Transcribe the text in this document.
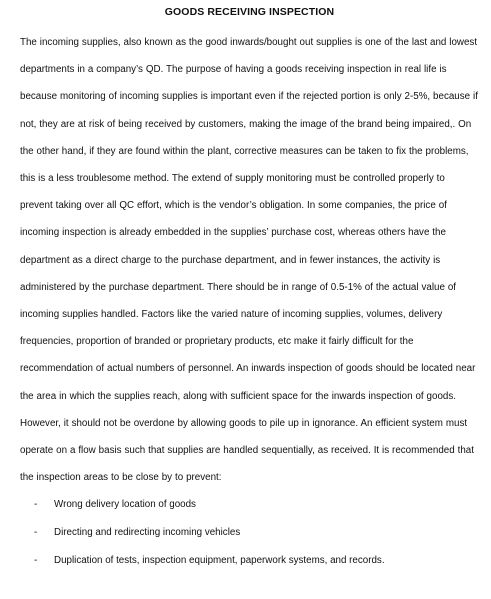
GOODS RECEIVING INSPECTION

The incoming supplies, also known as the good inwards/bought out supplies is one of the last and lowest departments in a company’s QD. The purpose of having a goods receiving inspection in real life is because monitoring of incoming supplies is important even if the rejected portion is only 2-5%, because if not, they are at risk of being received by customers, making the image of the brand being impaired,. On the other hand, if they are found within the plant, corrective measures can be taken to fix the problems, this is a less troublesome method. The extend of supply monitoring must be controlled properly to prevent taking over all QC effort, which is the vendor’s obligation. In some companies, the price of incoming inspection is already embedded in the supplies’ purchase cost, whereas others have the department as a direct charge to the purchase department, and in fewer instances, the activity is administered by the purchase department. There should be in range of 0.5-1% of the actual value of incoming supplies handled. Factors like the varied nature of incoming supplies, volumes, delivery frequencies, proportion of branded or proprietary products, etc make it fairly difficult for the recommendation of actual numbers of personnel. An inwards inspection of goods should be located near the area in which the supplies reach, along with sufficient space for the inwards inspection of goods. However, it should not be overdone by allowing goods to pile up in ignorance. An efficient system must operate on a flow basis such that supplies are handled sequentially, as received. It is recommended that the inspection areas to be close by to prevent:

- Wrong delivery location of goods
- Directing and redirecting incoming vehicles
- Duplication of tests, inspection equipment, paperwork systems, and records.
